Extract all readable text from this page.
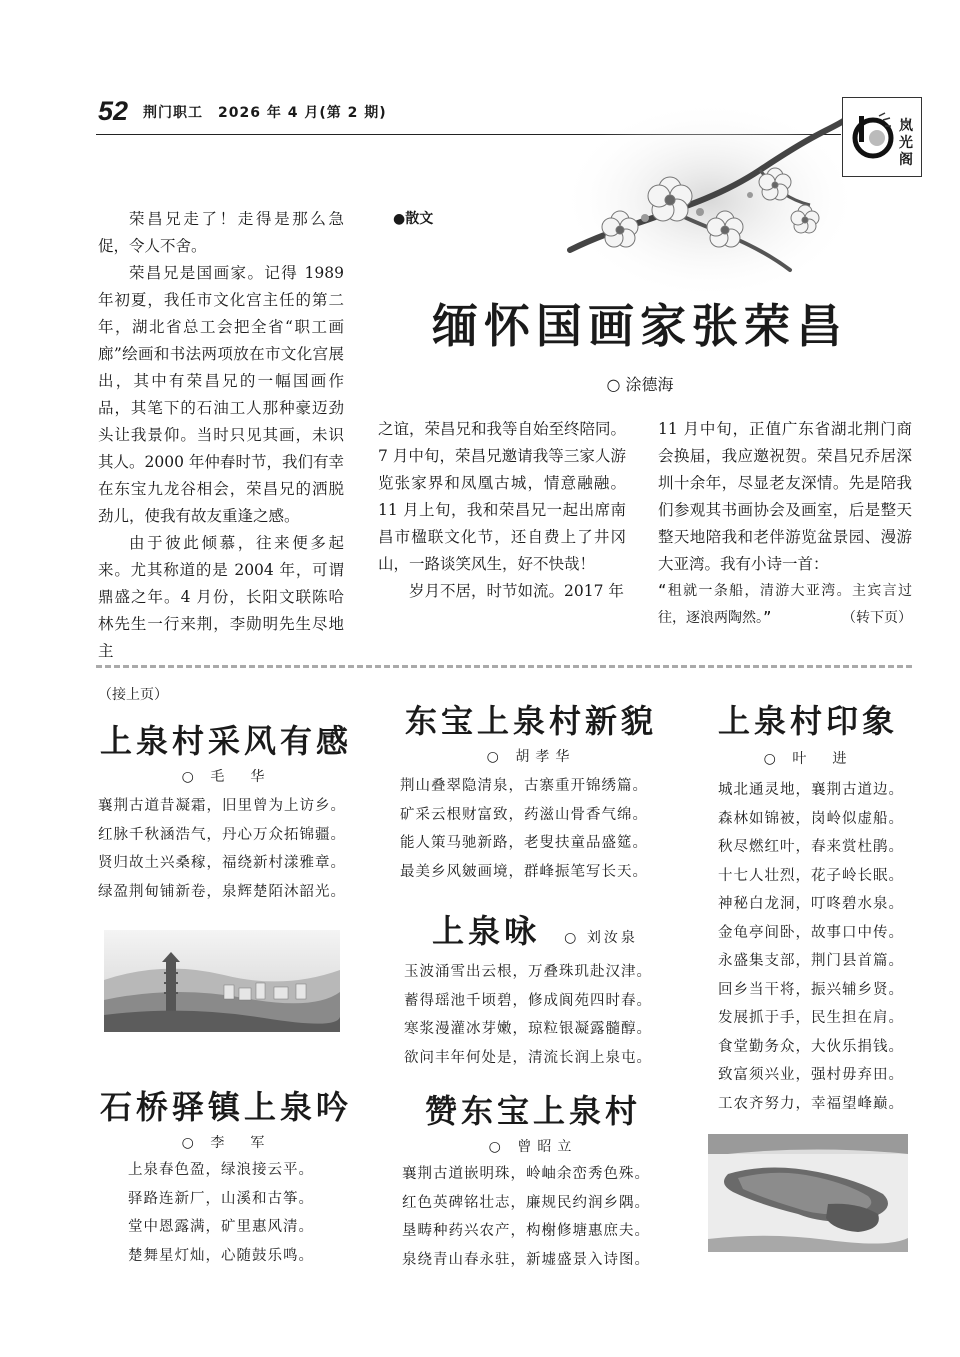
52 荆门职工　2026 年 4 月(第 2 期)
岚光阁
●散文
缅怀国画家张荣昌
○ 涂德海

荣昌兄走了！走得是那么急促，令人不舍。

荣昌兄是国画家。记得 1989 年初夏，我任市文化宫主任的第二年，湖北省总工会把全省“职工画廊”绘画和书法两项放在市文化宫展出，其中有荣昌兄的一幅国画作品，其笔下的石油工人那种豪迈劲头让我景仰。当时只见其画，未识其人。2000 年仲春时节，我们有幸在东宝九龙谷相会，荣昌兄的洒脱劲儿，使我有故友重逢之感。

由于彼此倾慕，往来便多起来。尤其称道的是 2004 年，可谓鼎盛之年。4 月份，长阳文联陈哈林先生一行来荆，李勋明先生尽地主

之谊，荣昌兄和我等自始至终陪同。7 月中旬，荣昌兄邀请我等三家人游览张家界和凤凰古城，情意融融。11 月上旬，我和荣昌兄一起出席南昌市楹联文化节，还自费上了井冈山，一路谈笑风生，好不快哉！

岁月不居，时节如流。2017 年

11 月中旬，正值广东省湖北荆门商会换届，我应邀祝贺。荣昌兄乔居深圳十余年，尽显老友深情。先是陪我们参观其书画协会及画室，后是整天整天地陪我和老伴游览盆景园、漫游大亚湾。我有小诗一首：

“租就一条船，清游大亚湾。主宾言过往，逐浪两陶然。”	（转下页）

（接上页）
上泉村采风有感
○ 毛　华
襄荆古道昔凝霜，旧里曾为上访乡。
红脉千秋涵浩气，丹心万众拓锦疆。
贤归故土兴桑稼，福绕新村漾雅章。
绿盈荆甸铺新卷，泉辉楚陌沐韶光。
石桥驿镇上泉吟
○ 李　军
上泉春色盈，绿浪接云平。
驿路连新厂，山溪和古筝。
堂中恩露满，矿里惠风清。
楚舞星灯灿，心随鼓乐鸣。
东宝上泉村新貌
○ 胡孝华
荆山叠翠隐清泉，古寨重开锦绣篇。
矿采云根财富致，药滋山骨香气绵。
能人策马驰新路，老叟扶童品盛筵。
最美乡风皴画境，群峰振笔写长天。
上泉咏 ○ 刘汝泉
玉波涌雪出云根，万叠珠玑赴汉津。
蓄得瑶池千顷碧，修成阆苑四时春。
寒浆漫灌冰芽嫩，琼粒银凝露髓醇。
欲问丰年何处是，清流长润上泉屯。
赞东宝上泉村
○ 曾昭立
襄荆古道嵌明珠，岭岫余峦秀色殊。
红色英碑铭壮志，廉规民约润乡隅。
垦畴种药兴农产，构榭修塘惠庶夫。
泉绕青山春永驻，新墟盛景入诗图。
上泉村印象
○ 叶　进
城北通灵地，襄荆古道边。
森林如锦被，岗岭似虚船。
秋尽燃红叶，春来赏杜鹃。
十七人壮烈，花子岭长眠。
神秘白龙洞，叮咚碧水泉。
金龟亭间卧，故事口中传。
永盛集支部，荆门县首篇。
回乡当干将，振兴辅乡贤。
发展抓于手，民生担在肩。
食堂勤务众，大伙乐捐钱。
致富须兴业，强村毋弃田。
工农齐努力，幸福望峰巅。
